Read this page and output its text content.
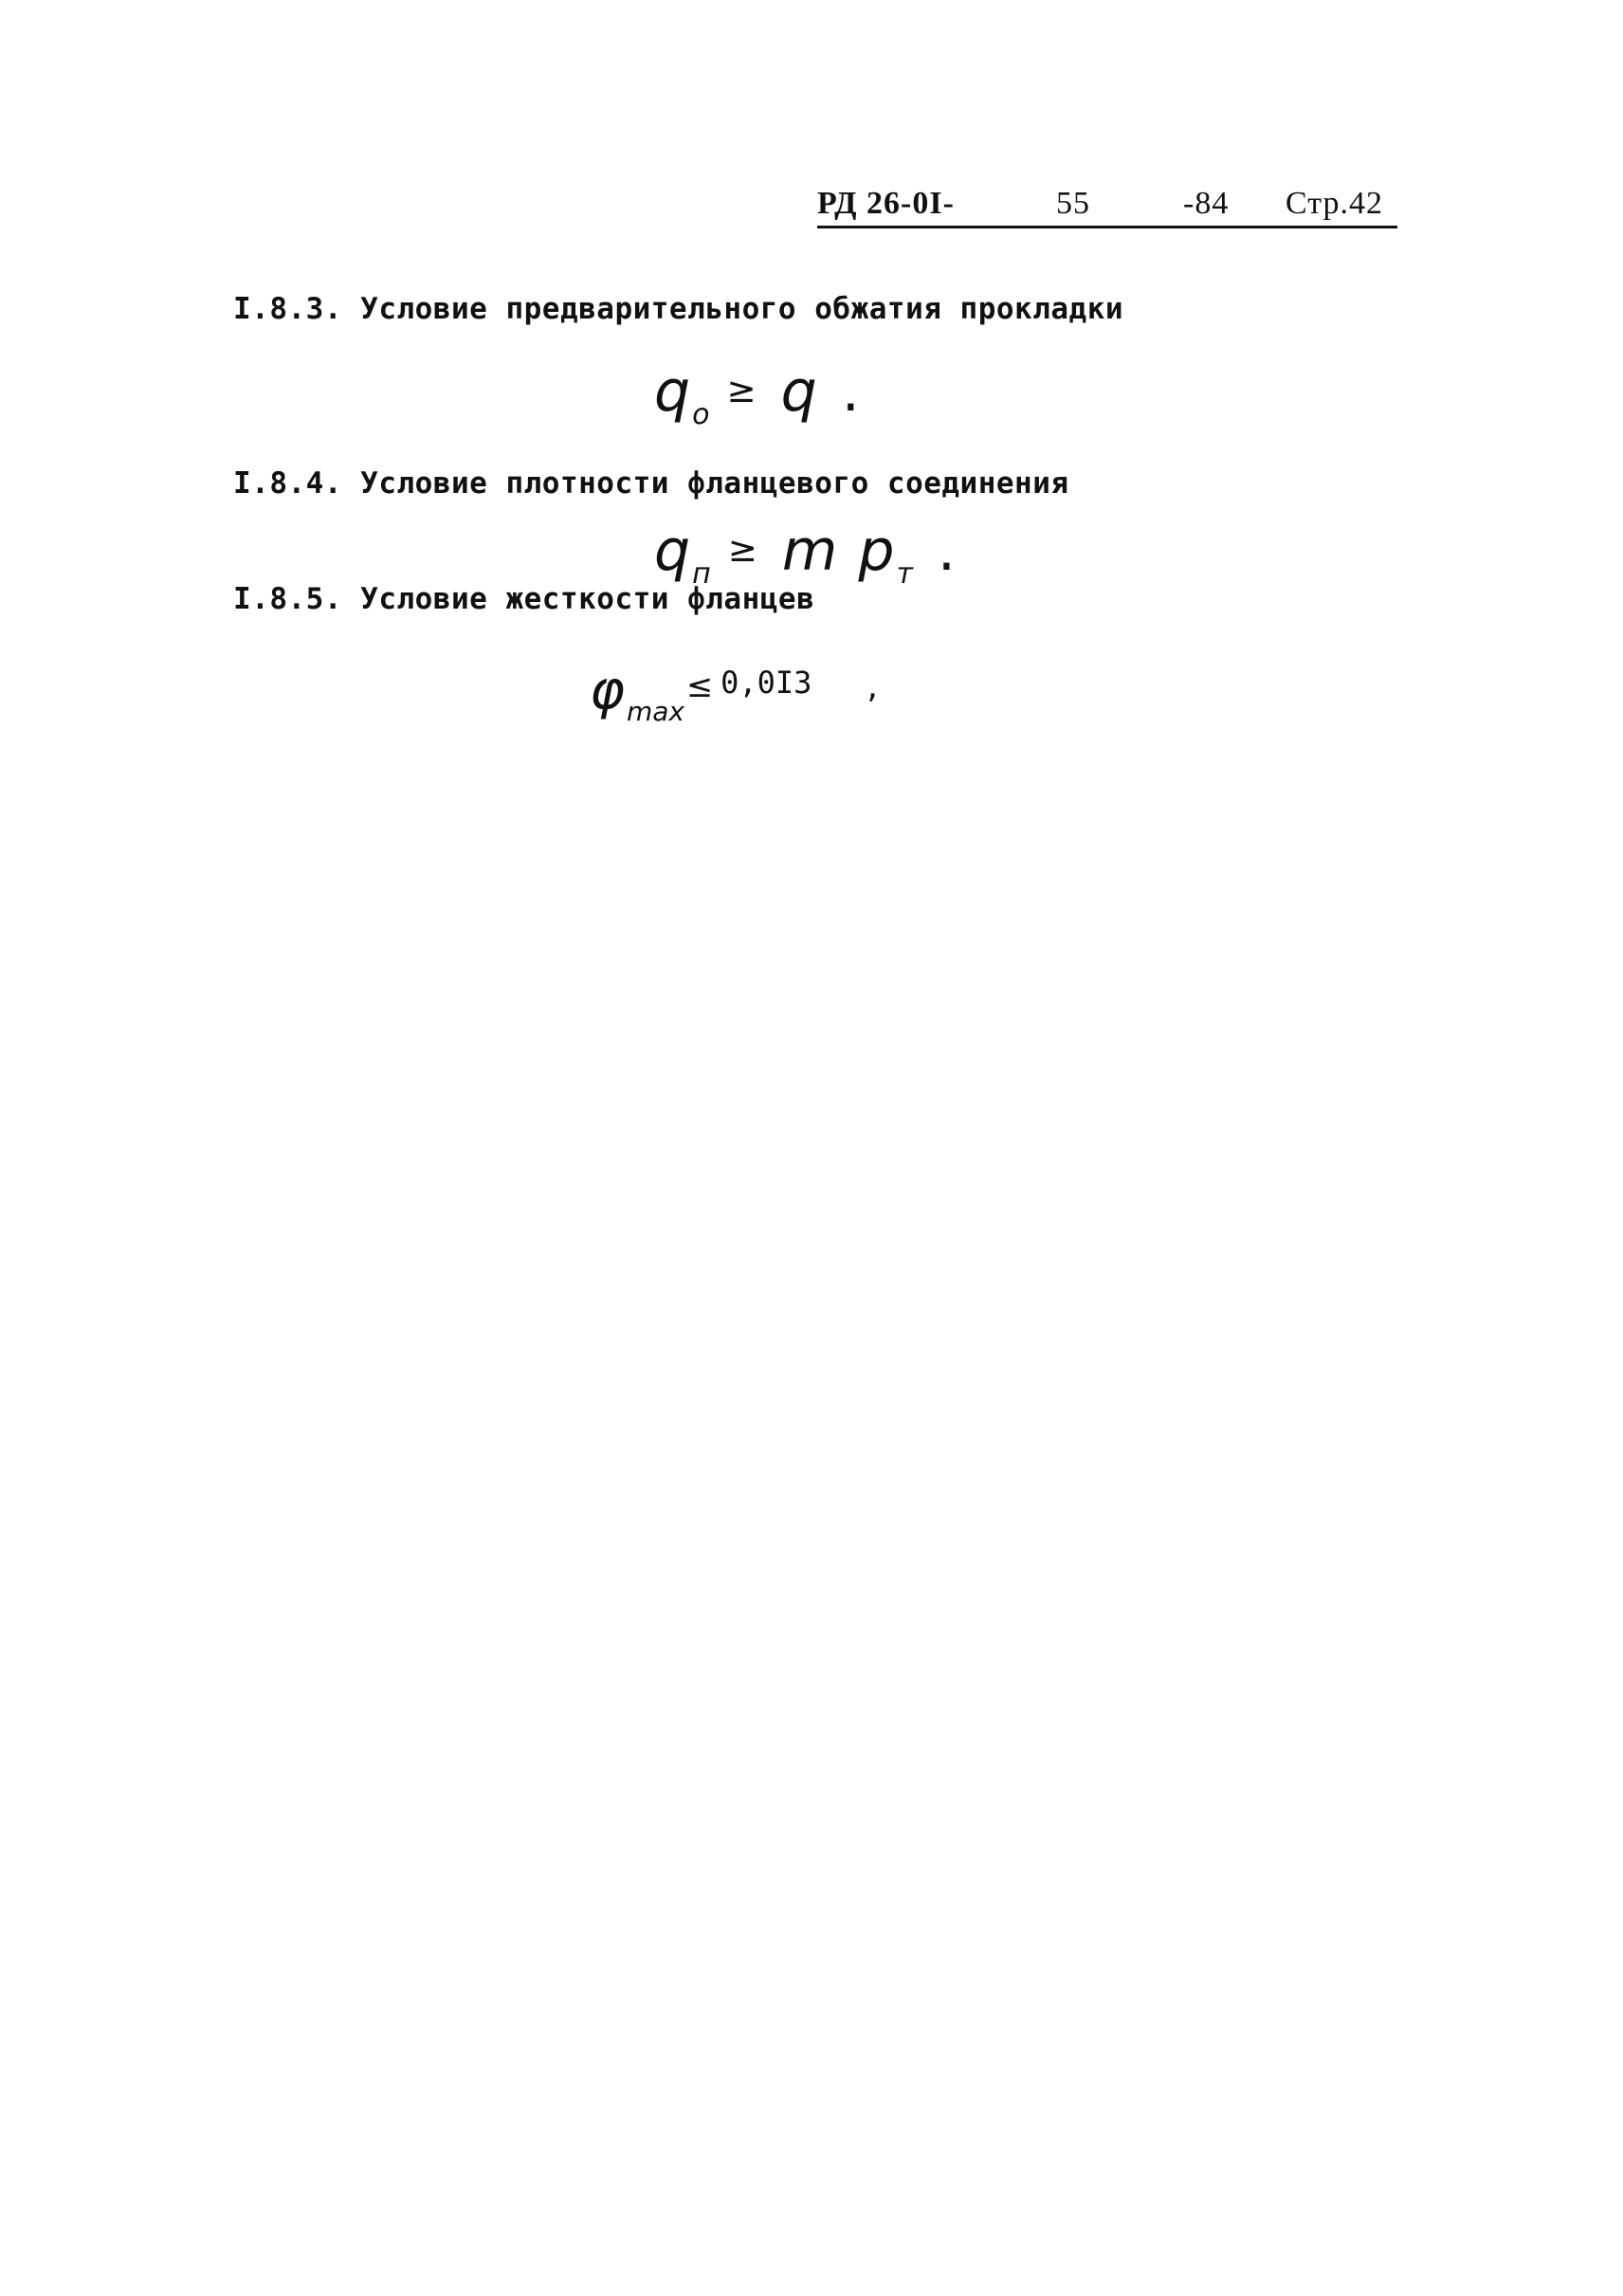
РД 26-0I-	55	-84 Стр.42
I.8.3. Условие предварительного обжатия прокладки
$q_o\ge q$ .
I.8.4. Условие плотности фланцевого соединения
$q_п\ge m$ $p_т$ .
I.8.5. Условие жесткости фланцев
$\varphi_{max}^\le$ $^{0,0I3}$ ,
